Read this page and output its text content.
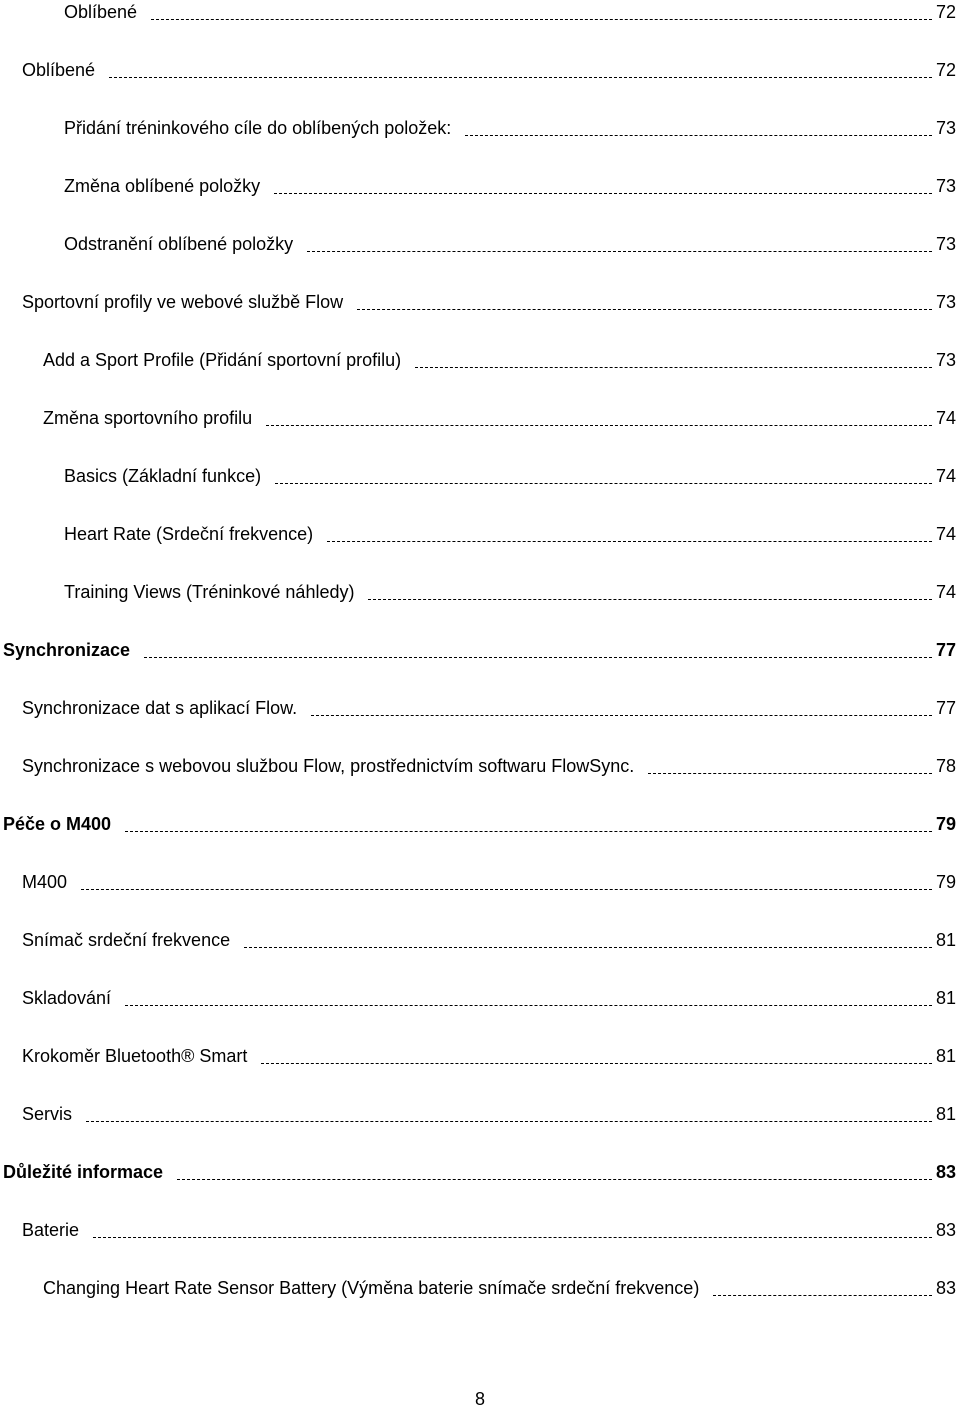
Oblíbené	72
Oblíbené	72
Přidání tréninkového cíle do oblíbených položek:	73
Změna oblíbené položky	73
Odstranění oblíbené položky	73
Sportovní profily ve webové službě Flow	73
Add a Sport Profile (Přidání sportovní profilu)	73
Změna sportovního profilu	74
Basics (Základní funkce)	74
Heart Rate (Srdeční frekvence)	74
Training Views (Tréninkové náhledy)	74
Synchronizace	77
Synchronizace dat s aplikací Flow.	77
Synchronizace s webovou službou Flow, prostřednictvím softwaru FlowSync.	78
Péče o M400	79
M400	79
Snímač srdeční frekvence	81
Skladování	81
Krokoměr Bluetooth® Smart	81
Servis	81
Důležité informace	83
Baterie	83
Changing Heart Rate Sensor Battery (Výměna baterie snímače srdeční frekvence)	83
8
